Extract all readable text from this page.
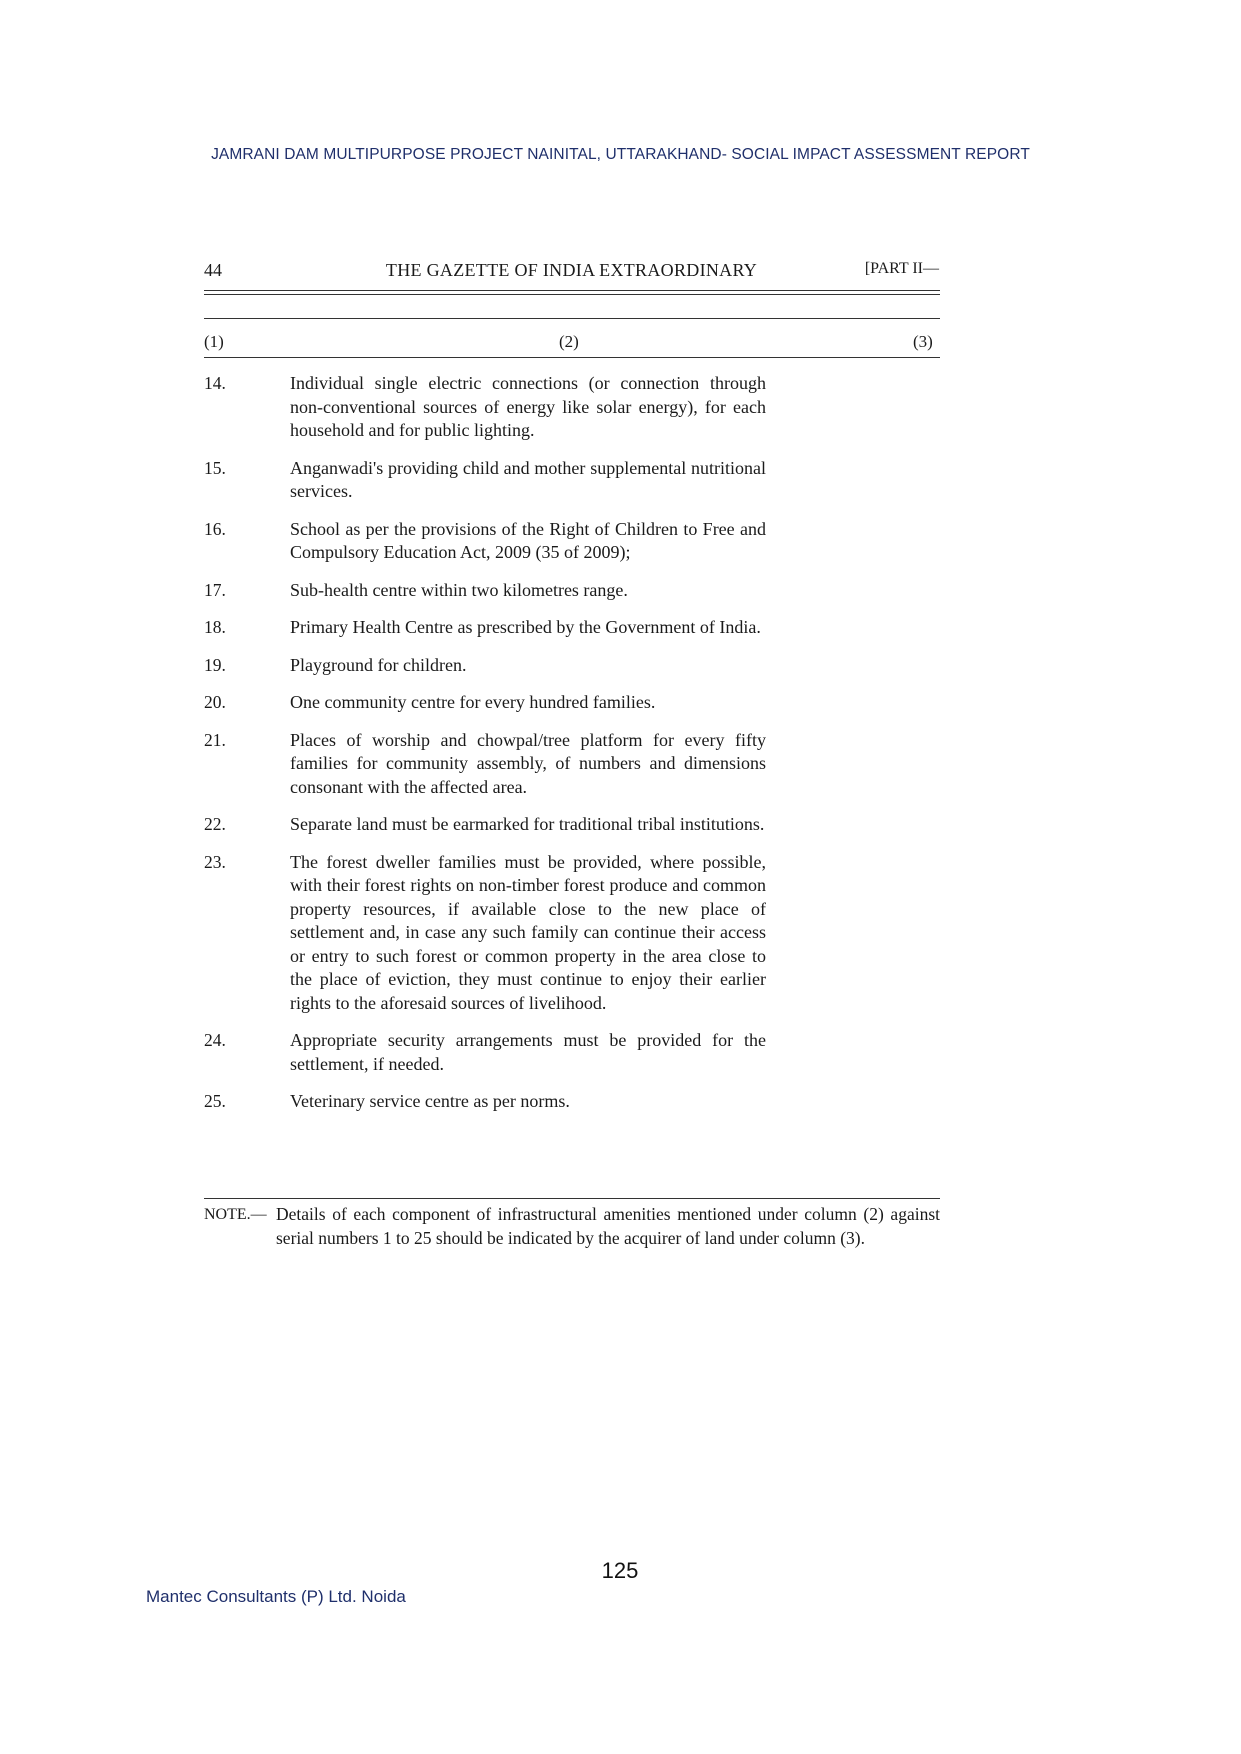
JAMRANI DAM MULTIPURPOSE PROJECT NAINITAL, UTTARAKHAND- SOCIAL IMPACT ASSESSMENT REPORT
44	THE GAZETTE OF INDIA EXTRAORDINARY	[PART II—
(1)	(2)	(3)
14.	Individual single electric connections (or connection through non-conventional sources of energy like solar energy), for each household and for public lighting.
15.	Anganwadi's providing child and mother supplemental nutritional services.
16.	School as per the provisions of the Right of Children to Free and Compulsory Education Act, 2009 (35 of 2009);
17.	Sub-health centre within two kilometres range.
18.	Primary Health Centre as prescribed by the Government of India.
19.	Playground for children.
20.	One community centre for every hundred families.
21.	Places of worship and chowpal/tree platform for every fifty families for community assembly, of numbers and dimensions consonant with the affected area.
22.	Separate land must be earmarked for traditional tribal institutions.
23.	The forest dweller families must be provided, where possible, with their forest rights on non-timber forest produce and common property resources, if available close to the new place of settlement and, in case any such family can continue their access or entry to such forest or common property in the area close to the place of eviction, they must continue to enjoy their earlier rights to the aforesaid sources of livelihood.
24.	Appropriate security arrangements must be provided for the settlement, if needed.
25.	Veterinary service centre as per norms.
NOTE.— Details of each component of infrastructural amenities mentioned under column (2) against serial numbers 1 to 25 should be indicated by the acquirer of land under column (3).
125
Mantec Consultants (P) Ltd. Noida
